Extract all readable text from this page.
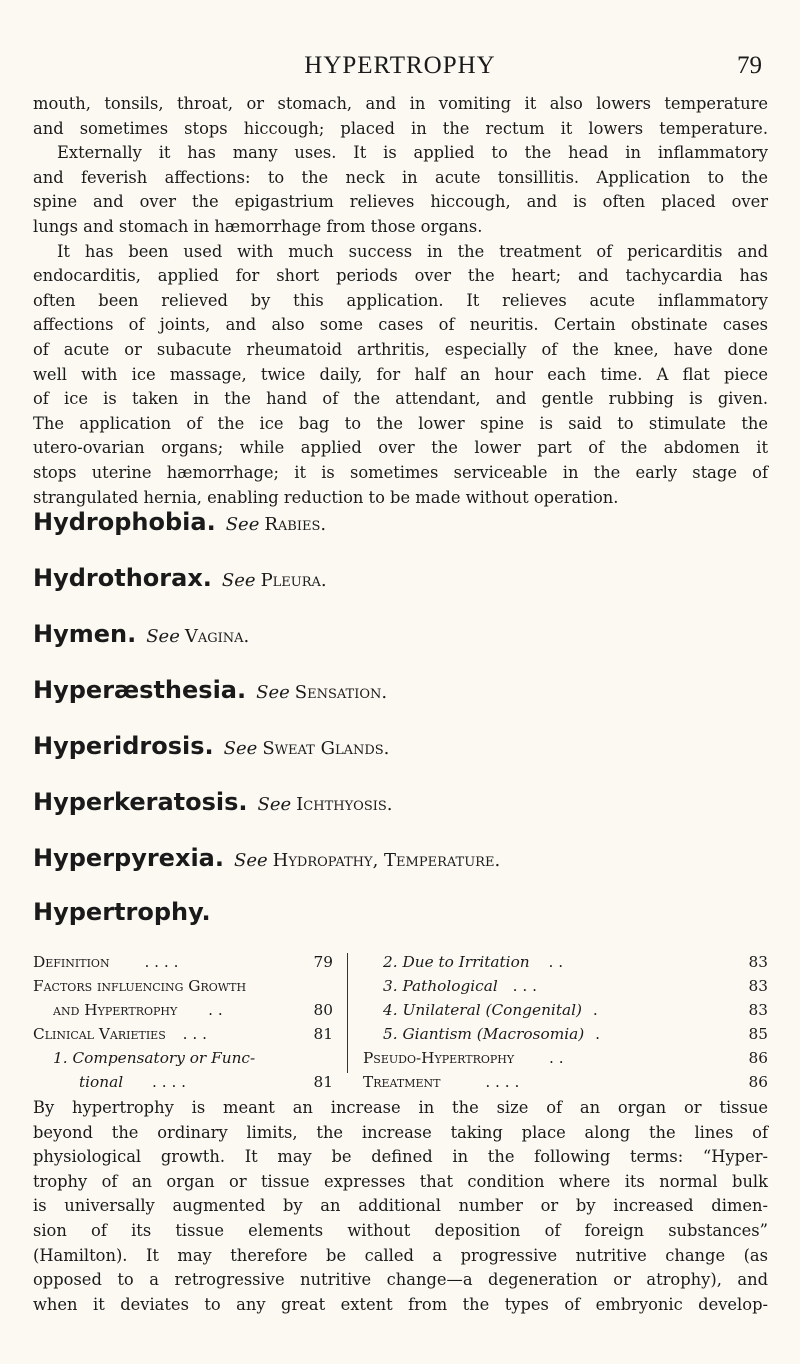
HYPERTROPHY	79
mouth, tonsils, throat, or stomach, and in vomiting it also lowers temperature
and sometimes stops hiccough; placed in the rectum it lowers temperature.
Externally it has many uses. It is applied to the head in inflammatory
and feverish affections: to the neck in acute tonsillitis. Application to the
spine and over the epigastrium relieves hiccough, and is often placed over
lungs and stomach in hæmorrhage from those organs.
It has been used with much success in the treatment of pericarditis and
endocarditis, applied for short periods over the heart; and tachycardia has
often been relieved by this application. It relieves acute inflammatory
affections of joints, and also some cases of neuritis. Certain obstinate cases
of acute or subacute rheumatoid arthritis, especially of the knee, have done
well with ice massage, twice daily, for half an hour each time. A flat piece
of ice is taken in the hand of the attendant, and gentle rubbing is given.
The application of the ice bag to the lower spine is said to stimulate the
utero-ovarian organs; while applied over the lower part of the abdomen it
stops uterine hæmorrhage; it is sometimes serviceable in the early stage of
strangulated hernia, enabling reduction to be made without operation.
Hydrophobia. See Rabies.
Hydrothorax. See Pleura.
Hymen. See Vagina.
Hyperæsthesia. See Sensation.
Hyperidrosis. See Sweat Glands.
Hyperkeratosis. See Ichthyosis.
Hyperpyrexia. See Hydropathy, Temperature.
Hypertrophy.
Definition . . . .	79
Factors influencing Growth
and Hypertrophy . .	80
Clinical Varieties . . .	81
1. Compensatory or Func-
tional . . . .	81
2. Due to Irritation . .	83
3. Pathological . . .	83
4. Unilateral (Congenital) .	83
5. Giantism (Macrosomia) .	85
Pseudo-Hypertrophy . .	86
Treatment	. . . .	86
By hypertrophy is meant an increase in the size of an organ or tissue
beyond the ordinary limits, the increase taking place along the lines of
physiological growth. It may be defined in the following terms: “Hyper-
trophy of an organ or tissue expresses that condition where its normal bulk
is universally augmented by an additional number or by increased dimen-
sion of its tissue elements without deposition of foreign substances”
(Hamilton). It may therefore be called a progressive nutritive change (as
opposed to a retrogressive nutritive change—a degeneration or atrophy), and
when it deviates to any great extent from the types of embryonic develop-
